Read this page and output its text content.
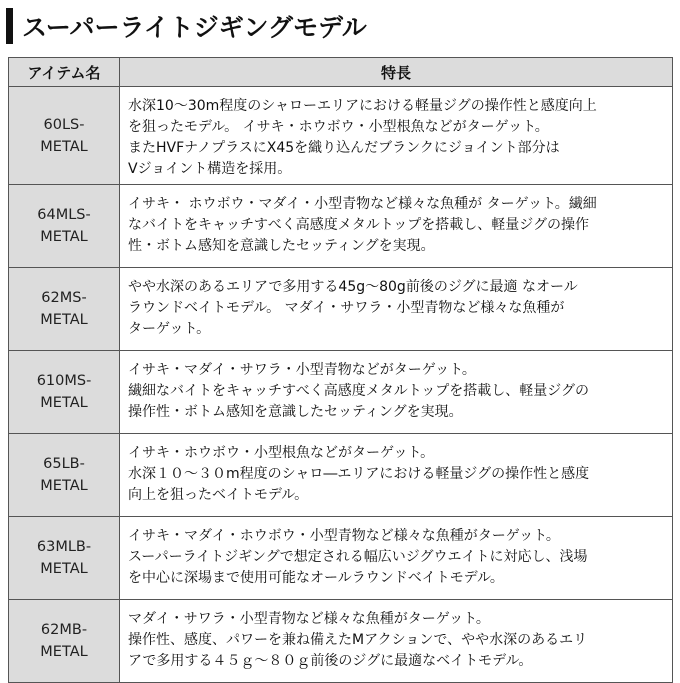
スーパーライトジギングモデル
アイテム名	特長

60LS-
METAL	水深10～30m程度のシャローエリアにおける軽量ジグの操作性と感度向上
を狙ったモデル。 イサキ・ホウボウ・小型根魚などがターゲット。
またHVFナノプラスにX45を織り込んだブランクにジョイント部分は
Vジョイント構造を採用。

64MLS-
METAL	イサキ・ ホウボウ・マダイ・小型青物など様々な魚種が ターゲット。繊細
なバイトをキャッチすべく高感度メタルトップを搭載し、軽量ジグの操作
性・ボトム感知を意識したセッティングを実現。

62MS-
METAL	やや水深のあるエリアで多用する45g～80g前後のジグに最適 なオール
ラウンドベイトモデル。 マダイ・サワラ・小型青物など様々な魚種が
ターゲット。

610MS-
METAL	イサキ・マダイ・サワラ・小型青物などがターゲット。
繊細なバイトをキャッチすべく高感度メタルトップを搭載し、軽量ジグの
操作性・ボトム感知を意識したセッティングを実現。

65LB-
METAL	イサキ・ホウボウ・小型根魚などがターゲット。
水深１０～３０m程度のシャロ―エリアにおける軽量ジグの操作性と感度
向上を狙ったベイトモデル。

63MLB-
METAL	イサキ・マダイ・ホウボウ・小型青物など様々な魚種がターゲット。
スーパーライトジギングで想定される幅広いジグウエイトに対応し、浅場
を中心に深場まで使用可能なオールラウンドベイトモデル。

62MB-
METAL	マダイ・サワラ・小型青物など様々な魚種がターゲット。
操作性、感度、パワーを兼ね備えたMアクションで、やや水深のあるエリ
アで多用する４５ｇ～８０ｇ前後のジグに最適なベイトモデル。
